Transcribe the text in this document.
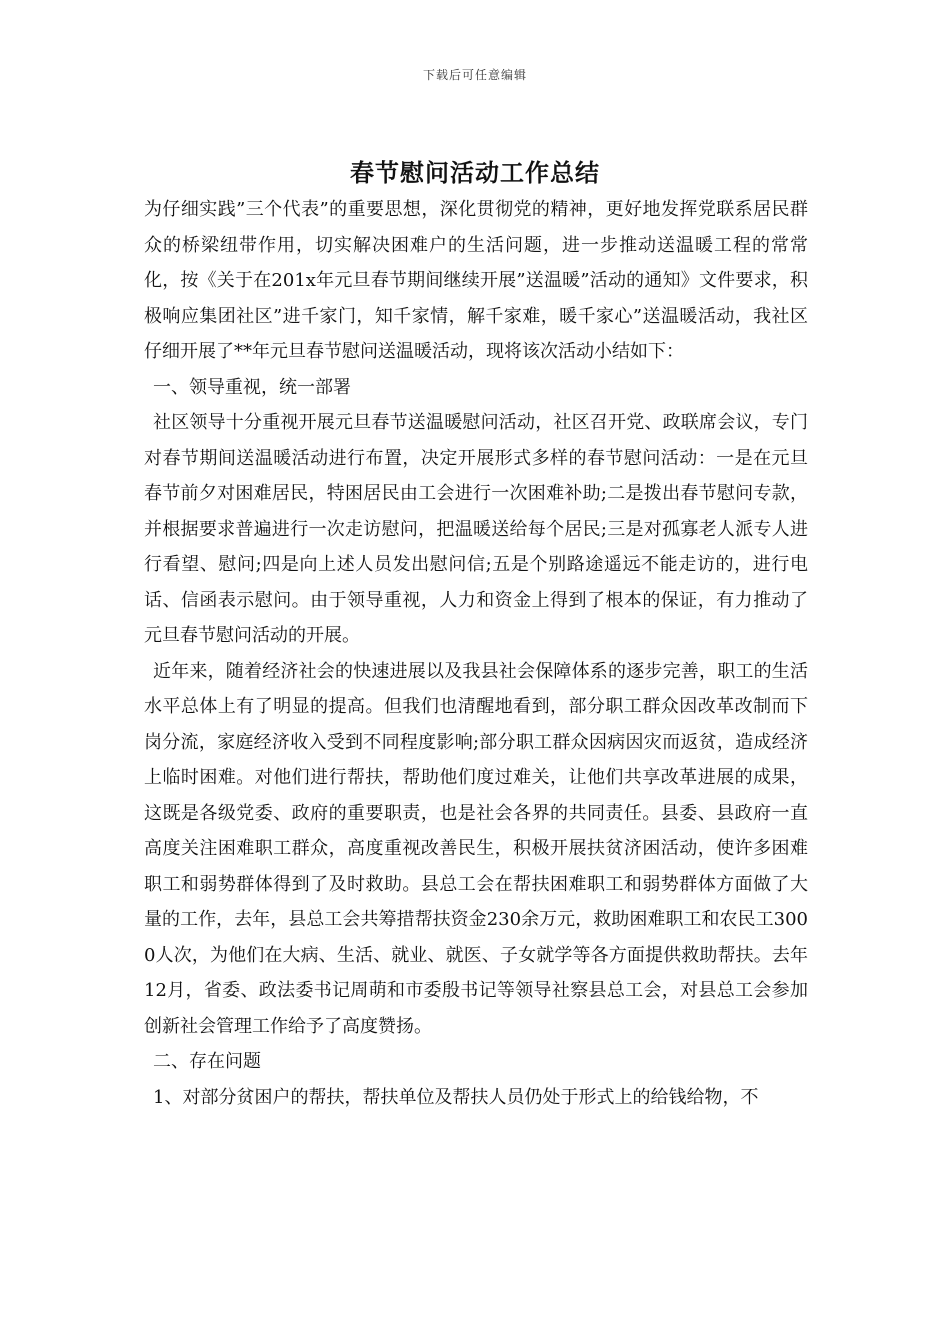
下载后可任意编辑
春节慰问活动工作总结

为仔细实践”三个代表”的重要思想，深化贯彻党的精神，更好地发挥党联系居民群众的桥梁纽带作用，切实解决困难户的生活问题，进一步推动送温暖工程的常常化，按《关于在201x年元旦春节期间继续开展”送温暖”活动的通知》文件要求，积极响应集团社区”进千家门，知千家情，解千家难，暖千家心”送温暖活动，我社区仔细开展了**年元旦春节慰问送温暖活动，现将该次活动小结如下：

一、领导重视，统一部署

社区领导十分重视开展元旦春节送温暖慰问活动，社区召开党、政联席会议，专门对春节期间送温暖活动进行布置，决定开展形式多样的春节慰问活动：一是在元旦春节前夕对困难居民，特困居民由工会进行一次困难补助;二是拨出春节慰问专款，并根据要求普遍进行一次走访慰问，把温暖送给每个居民;三是对孤寡老人派专人进行看望、慰问;四是向上述人员发出慰问信;五是个别路途遥远不能走访的，进行电话、信函表示慰问。由于领导重视，人力和资金上得到了根本的保证，有力推动了元旦春节慰问活动的开展。

近年来，随着经济社会的快速进展以及我县社会保障体系的逐步完善，职工的生活水平总体上有了明显的提高。但我们也清醒地看到，部分职工群众因改革改制而下岗分流，家庭经济收入受到不同程度影响;部分职工群众因病因灾而返贫，造成经济上临时困难。对他们进行帮扶，帮助他们度过难关，让他们共享改革进展的成果，这既是各级党委、政府的重要职责，也是社会各界的共同责任。县委、县政府一直高度关注困难职工群众，高度重视改善民生，积极开展扶贫济困活动，使许多困难职工和弱势群体得到了及时救助。县总工会在帮扶困难职工和弱势群体方面做了大量的工作，去年，县总工会共筹措帮扶资金230余万元，救助困难职工和农民工3000人次，为他们在大病、生活、就业、就医、子女就学等各方面提供救助帮扶。去年12月，省委、政法委书记周萌和市委殷书记等领导社察县总工会，对县总工会参加创新社会管理工作给予了高度赞扬。

二、存在问题

1、对部分贫困户的帮扶，帮扶单位及帮扶人员仍处于形式上的给钱给物，不
